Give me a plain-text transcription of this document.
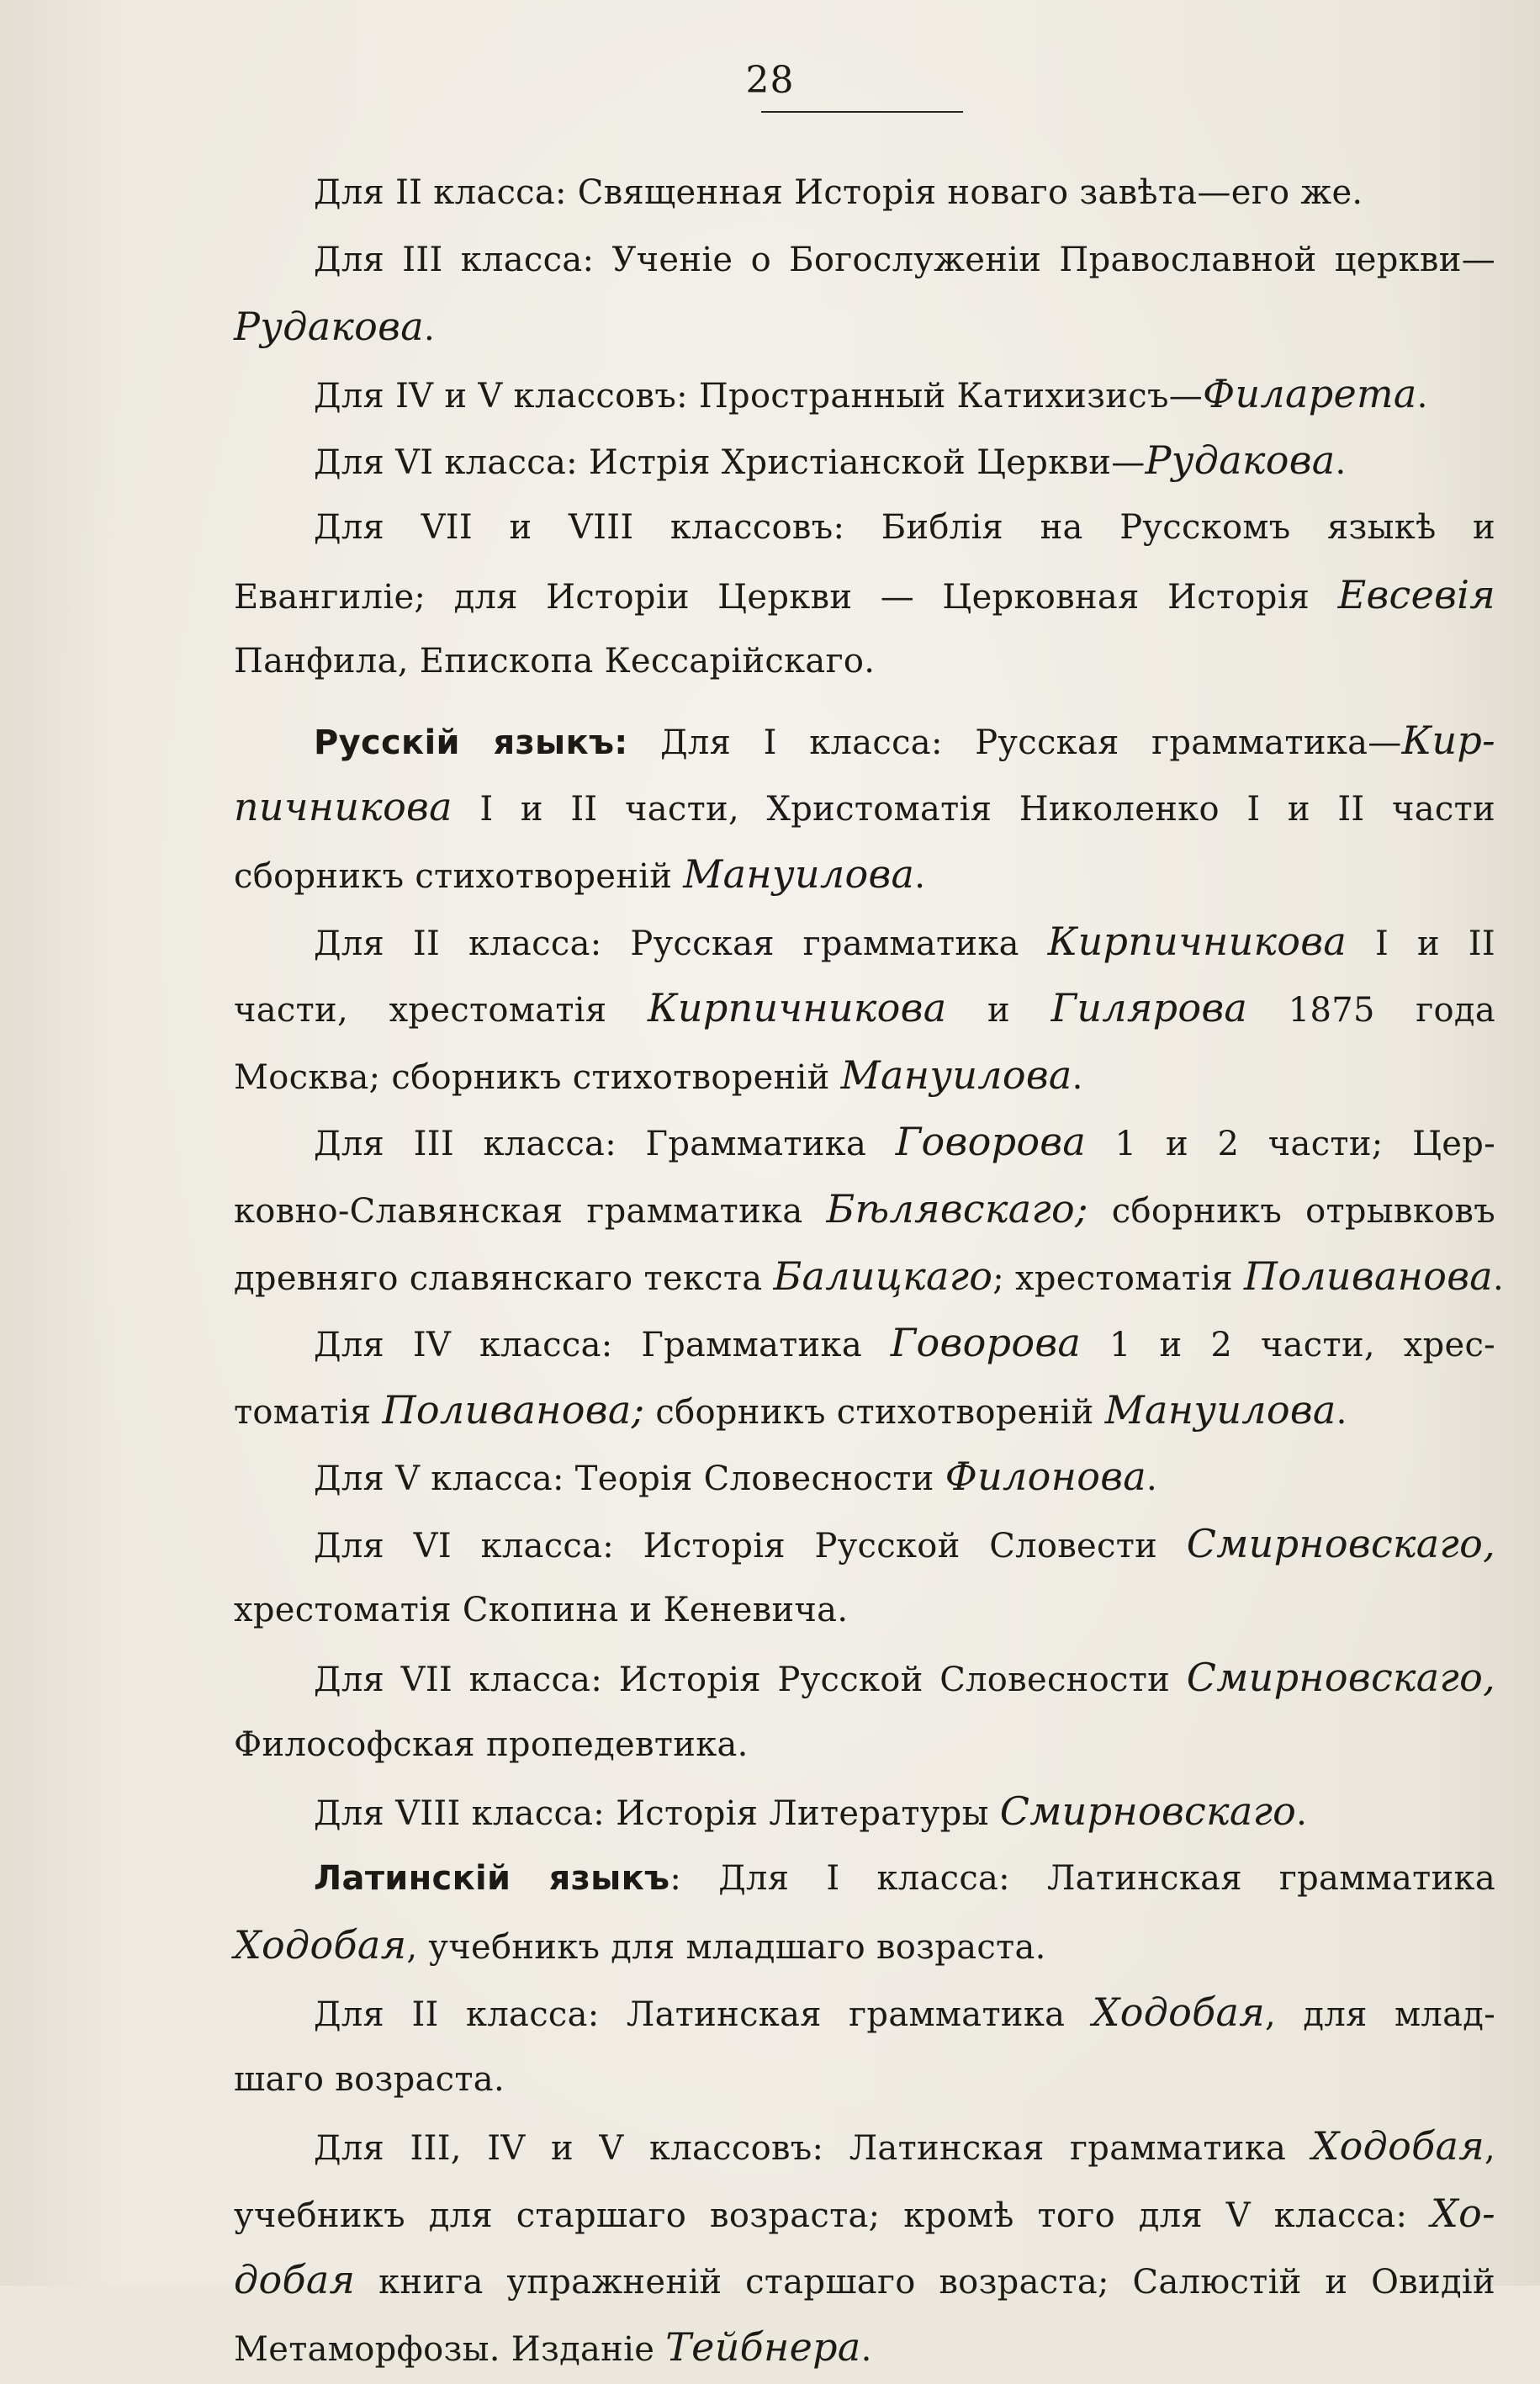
28
Для II класса: Священная Исторія новаго завѣта—его же.
Для III класса: Ученіе о Богослуженіи Православной церкви—
Рудакова.
Для IV и V классовъ: Пространный Катихизисъ—Филарета.
Для VI класса: Истрія Христіанской Церкви—Рудакова.
Для VII и VIII классовъ: Библія на Русскомъ языкѣ и
Евангиліе; для Исторіи Церкви — Церковная Исторія Евсевія
Панфила, Епископа Кессарійскаго.
Русскій языкъ: Для I класса: Русская грамматика—Кир-
пичникова I и II части, Христоматія Николенко I и II части
сборникъ стихотвореній Мануилова.
Для II класса: Русская грамматика Кирпичникова I и II
части, хрестоматія Кирпичникова и Гилярова 1875 года
Москва; сборникъ стихотвореній Мануилова.
Для III класса: Грамматика Говорова 1 и 2 части; Цер-
ковно-Славянская грамматика Бѣлявскаго; сборникъ отрывковъ
древняго славянскаго текста Балицкаго; хрестоматія Поливанова.
Для IV класса: Грамматика Говорова 1 и 2 части, хрес-
томатія Поливанова; сборникъ стихотвореній Мануилова.
Для V класса: Теорія Словесности Филонова.
Для VI класса: Исторія Русской Словести Смирновскаго,
хрестоматія Скопина и Кеневича.
Для VII класса: Исторія Русской Словесности Смирновскаго,
Философская пропедевтика.
Для VIII класса: Исторія Литературы Смирновскаго.
Латинскій языкъ: Для I класса: Латинская грамматика
Ходобая, учебникъ для младшаго возраста.
Для II класса: Латинская грамматика Ходобая, для млад-
шаго возраста.
Для III, IV и V классовъ: Латинская грамматика Ходобая,
учебникъ для старшаго возраста; кромѣ того для V класса: Хо-
добая книга упражненій старшаго возраста; Салюстій и Овидій
Метаморфозы. Изданіе Тейбнера.
